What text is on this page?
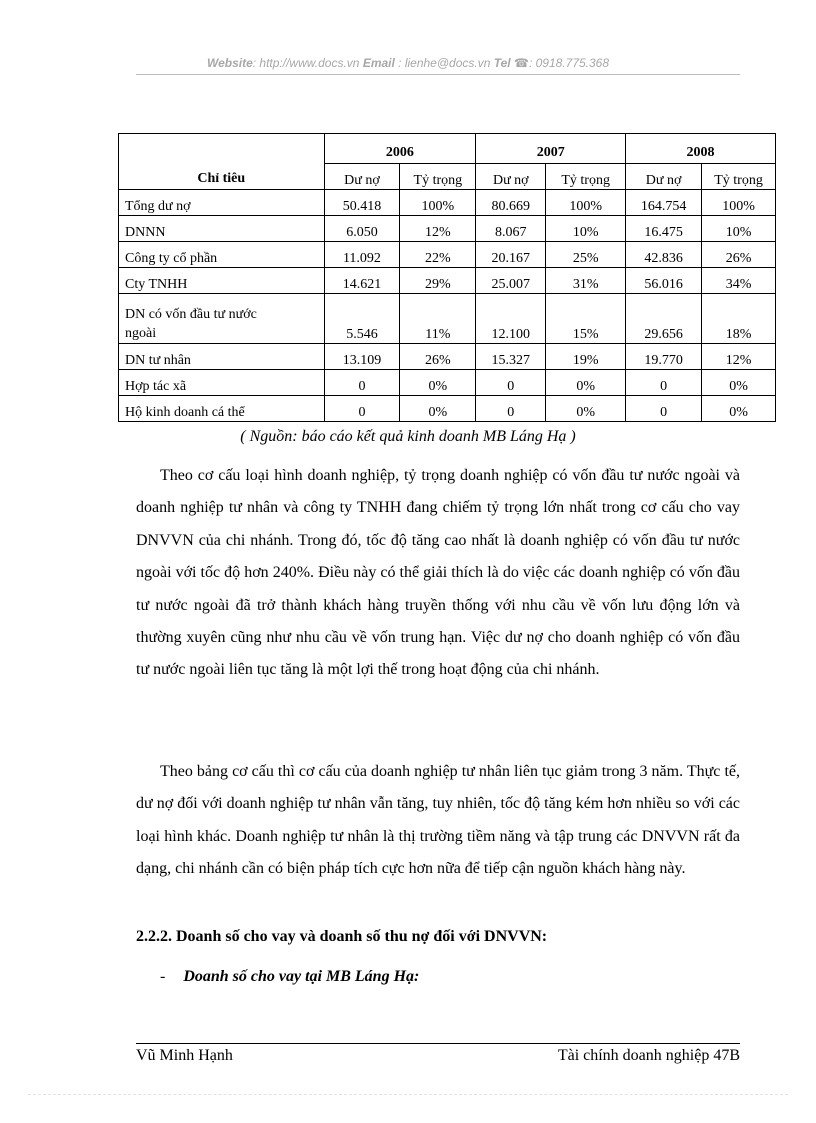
Website: http://www.docs.vn Email : lienhe@docs.vn Tel ☎: 0918.775.368
Chỉ tiêu	2006		2007		2008	
	Dư nợ	Tỷ trọng	Dư nợ	Tỷ trọng	Dư nợ	Tỷ trọng
Tổng dư nợ	50.418	100%	80.669	100%	164.754	100%
DNNN	6.050	12%	8.067	10%	16.475	10%
Công ty cổ phần	11.092	22%	20.167	25%	42.836	26%
Cty TNHH	14.621	29%	25.007	31%	56.016	34%
DN có vốn đầu tư nước
ngoài	5.546	11%	12.100	15%	29.656	18%
DN tư nhân	13.109	26%	15.327	19%	19.770	12%
Hợp tác xã	0	0%	0	0%	0	0%
Hộ kinh doanh cá thể	0	0%	0	0%	0	0%
( Nguồn: báo cáo kết quả kinh doanh MB Láng Hạ )

Theo cơ cấu loại hình doanh nghiệp, tỷ trọng doanh nghiệp có vốn đầu tư nước ngoài và doanh nghiệp tư nhân và công ty TNHH đang chiếm tỷ trọng lớn nhất trong cơ cấu cho vay DNVVN của chi nhánh. Trong đó, tốc độ tăng cao nhất là doanh nghiệp có vốn đầu tư nước ngoài với tốc độ hơn 240%. Điều này có thể giải thích là do việc các doanh nghiệp có vốn đầu tư nước ngoài đã trở thành khách hàng truyền thống với nhu cầu về vốn lưu động lớn và thường xuyên cũng như nhu cầu về vốn trung hạn. Việc dư nợ cho doanh nghiệp có vốn đầu tư nước ngoài liên tục tăng là một lợi thế trong hoạt động của chi nhánh.

Theo bảng cơ cấu thì cơ cấu của doanh nghiệp tư nhân liên tục giảm trong 3 năm. Thực tế, dư nợ đối với doanh nghiệp tư nhân vẫn tăng, tuy nhiên, tốc độ tăng kém hơn nhiều so với các loại hình khác. Doanh nghiệp tư nhân là thị trường tiềm năng và tập trung các DNVVN rất đa dạng, chi nhánh cần có biện pháp tích cực hơn nữa để tiếp cận nguồn khách hàng này.

2.2.2. Doanh số cho vay và doanh số thu nợ đối với DNVVN:
- Doanh số cho vay tại MB Láng Hạ:
Vũ Minh Hạnh	Tài chính doanh nghiệp 47B
